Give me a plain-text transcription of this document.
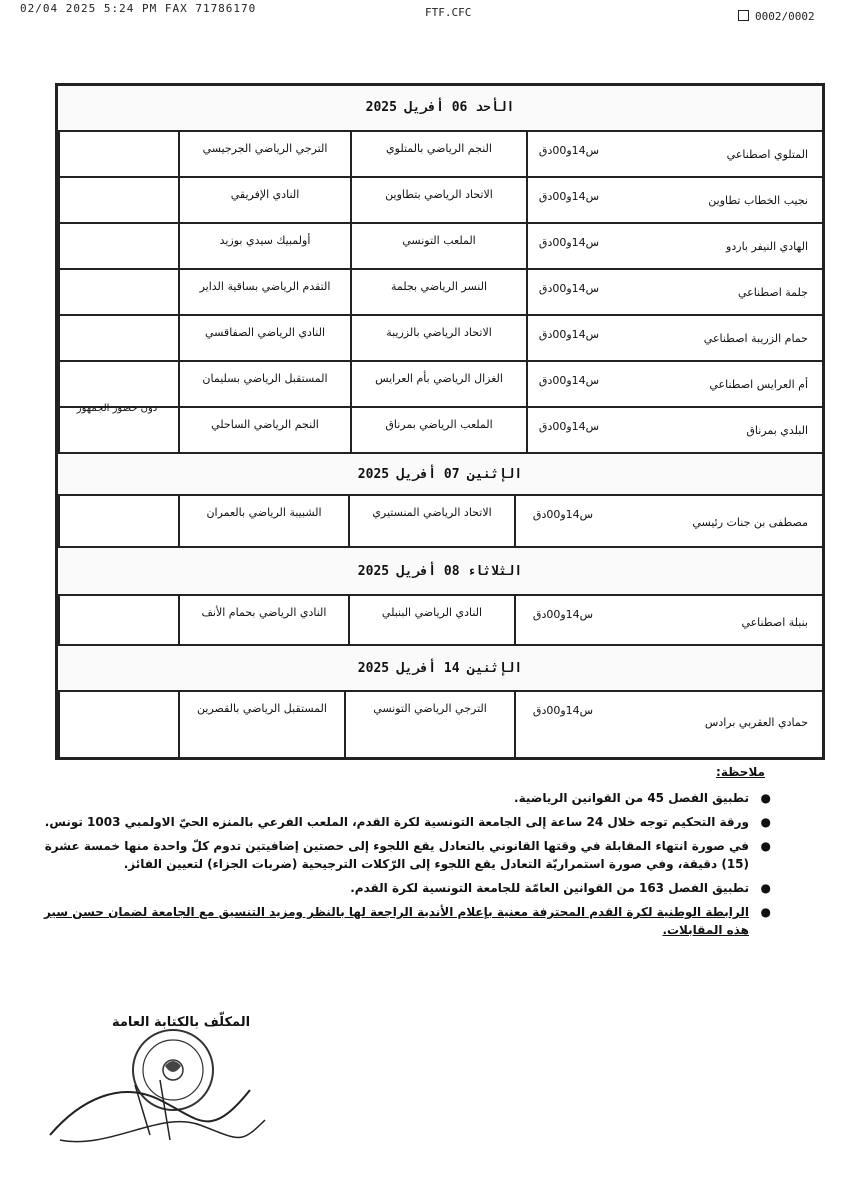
02/04 2025 5:24 PM FAX 71786170	FTF.CFC	0002/0002
الأحد 06 أفريل 2025
المتلوي اصطناعي
س14و00دق
النجم الرياضي بالمتلوي
الترجي الرياضي الجرجيسي
نجيب الخطاب تطاوين
س14و00دق
الاتحاد الرياضي بتطاوين
النادي الإفريقي
الهادي النيفر باردو
س14و00دق
الملعب التونسي
أولمبيك سيدي بوزيد
جلمة اصطناعي
س14و00دق
النسر الرياضي بجلمة
التقدم الرياضي بساقية الداير
حمام الزريبة اصطناعي
س14و00دق
الاتحاد الرياضي بالزريبة
النادي الرياضي الصفاقسي
أم العرايس اصطناعي
س14و00دق
الغزال الرياضي بأم العرايس
المستقبل الرياضي بسليمان
البلدي بمرناق
س14و00دق
الملعب الرياضي بمرناق
النجم الرياضي الساحلي
دون حضور الجمهور
الإثنين 07 أفريل 2025
مصطفى بن جنات رئيسي
س14و00دق
الاتحاد الرياضي المنستيري
الشبيبة الرياضي بالعمران
الثلاثاء 08 أفريل 2025
بنبلة اصطناعي
س14و00دق
النادي الرياضي البنبلي
النادي الرياضي بحمام الأنف
الإثنين 14 أفريل 2025
حمادي العقربي برادس
س14و00دق
الترجي الرياضي التونسي
المستقبل الرياضي بالقصرين
ملاحظة:
●
تطبيق الفصل 45 من القوانين الرياضية.
●
ورقة التحكيم توجه خلال 24 ساعة إلى الجامعة التونسية لكرة القدم، الملعب الفرعي بالمنزه الحيّ الاولمبي 1003 تونس.
●
في صورة انتهاء المقابلة في وقتها القانوني بالتعادل يقع اللجوء إلى حصتين إضافيتين تدوم كلّ واحدة منها خمسة عشرة (15) دقيقة، وفي صورة استمراريّة التعادل يقع اللجوء إلى الرّكلات الترجيحية (ضربات الجزاء) لتعيين الفائز.
●
تطبيق الفصل 163 من القوانين العامّة للجامعة التونسية لكرة القدم.
●
الرابطة الوطنية لكرة القدم المحترفة معنية بإعلام الأندية الراجعة لها بالنظر ومزيد التنسيق مع الجامعة لضمان حسن سير هذه المقابلات.
المكلّف بالكتابة العامة
